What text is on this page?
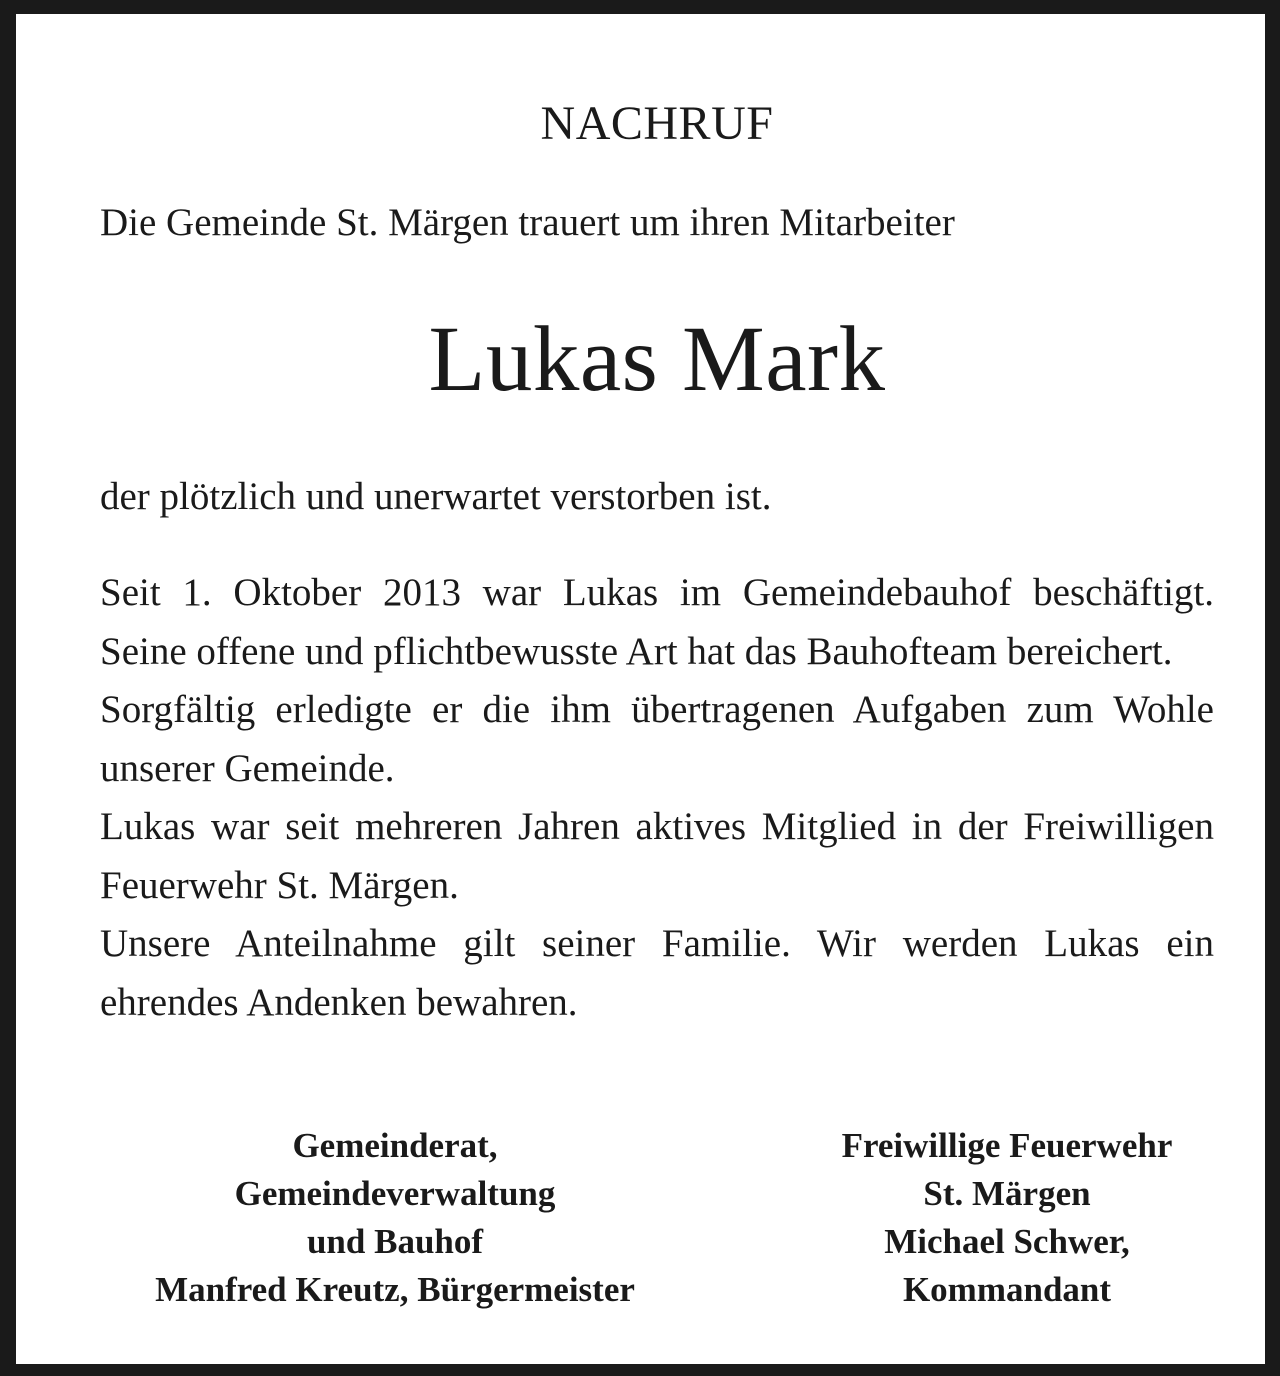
NACHRUF
Die Gemeinde St. Märgen trauert um ihren Mitarbeiter
Lukas Mark
der plötzlich und unerwartet verstorben ist.

Seit 1. Oktober 2013 war Lukas im Gemeindebauhof beschäftigt. Seine offene und pflichtbewusste Art hat das Bauhofteam bereichert.

Sorgfältig erledigte er die ihm übertragenen Aufgaben zum Wohle unserer Gemeinde.

Lukas war seit mehreren Jahren aktives Mitglied in der Freiwilligen Feuerwehr St. Märgen.

Unsere Anteilnahme gilt seiner Familie. Wir werden Lukas ein ehrendes Andenken bewahren.

Gemeinderat,
Gemeindeverwaltung
und Bauhof
Manfred Kreutz, Bürgermeister
Freiwillige Feuerwehr
St. Märgen
Michael Schwer,
Kommandant
